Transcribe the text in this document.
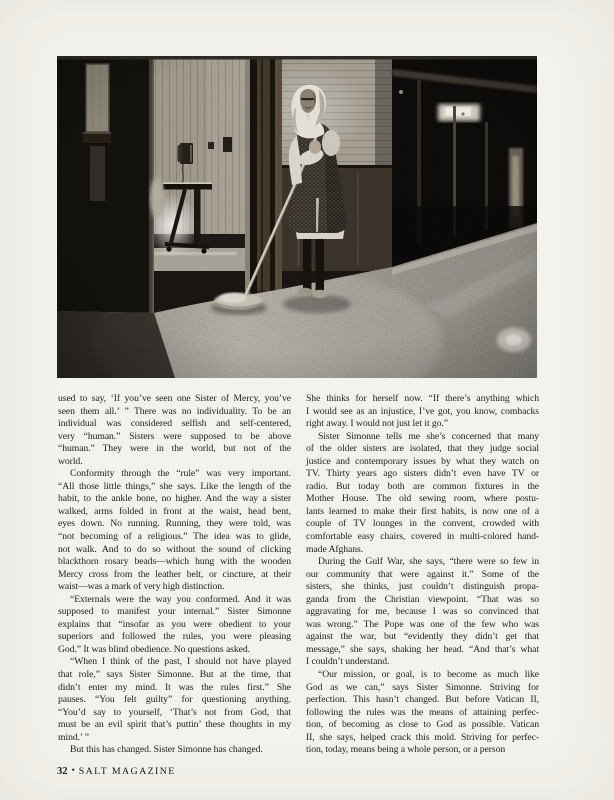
used to say, ‘If you’ve seen one Sister of Mercy, you’ve
seen them all.’ ” There was no individuality. To be an
individual was considered selfish and self-centered,
very “human.” Sisters were supposed to be above
“human.” They were in the world, but not of the
world.
Conformity through the “rule” was very important.
“All those little things,” she says. Like the length of the
habit, to the ankle bone, no higher. And the way a sister
walked, arms folded in front at the waist, head bent,
eyes down. No running. Running, they were told, was
“not becoming of a religious.” The idea was to glide,
not walk. And to do so without the sound of clicking
blackthorn rosary beads—which hung with the wooden
Mercy cross from the leather belt, or cincture, at their
waist—was a mark of very high distinction.
“Externals were the way you conformed. And it was
supposed to manifest your internal.” Sister Simonne
explains that “insofar as you were obedient to your
superiors and followed the rules, you were pleasing
God.” It was blind obedience. No questions asked.
“When I think of the past, I should not have played
that role,” says Sister Simonne. But at the time, that
didn’t enter my mind. It was the rules first.” She
pauses. “You felt guilty” for questioning anything.
“You’d say to yourself, ‘That’s not from God, that
must be an evil spirit that’s puttin’ these thoughts in my
mind.’ ”
But this has changed. Sister Simonne has changed.
She thinks for herself now. “If there’s anything which
I would see as an injustice, I’ve got, you know, combacks
right away. I would not just let it go.”
Sister Simonne tells me she’s concerned that many
of the older sisters are isolated, that they judge social
justice and contemporary issues by what they watch on
TV. Thirty years ago sisters didn’t even have TV or
radio. But today both are common fixtures in the
Mother House. The old sewing room, where postu-
lants learned to make their first habits, is now one of a
couple of TV lounges in the convent, crowded with
comfortable easy chairs, covered in multi-colored hand-
made Afghans.
During the Gulf War, she says, “there were so few in
our community that were against it.” Some of the
sisters, she thinks, just couldn’t distinguish propa-
ganda from the Christian viewpoint. “That was so
aggravating for me, because I was so convinced that
was wrong.” The Pope was one of the few who was
against the war, but “evidently they didn’t get that
message,” she says, shaking her head. “And that’s what
I couldn’t understand.
“Our mission, or goal, is to become as much like
God as we can,” says Sister Simonne. Striving for
perfection. This hasn’t changed. But before Vatican II,
following the rules was the means of attaining perfec-
tion, of becoming as close to God as possible. Vatican
II, she says, helped crack this mold. Striving for perfec-
tion, today, means being a whole person, or a person
32 • SALT MAGAZINE
